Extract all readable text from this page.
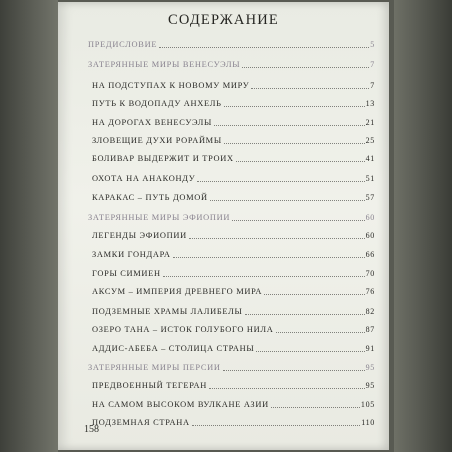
СОДЕРЖАНИЕ
ПРЕДИСЛОВИЕ	5
ЗАТЕРЯННЫЕ МИРЫ ВЕНЕСУЭЛЫ	7
НА ПОДСТУПАХ К НОВОМУ МИРУ	7
ПУТЬ К ВОДОПАДУ АНХЕЛЬ	13
НА ДОРОГАХ ВЕНЕСУЭЛЫ	21
ЗЛОВЕЩИЕ ДУХИ РОРАЙМЫ	25
БОЛИВАР ВЫДЕРЖИТ И ТРОИХ	41
ОХОТА НА АНАКОНДУ	51
КАРАКАС – ПУТЬ ДОМОЙ	57
ЗАТЕРЯННЫЕ МИРЫ ЭФИОПИИ	60
ЛЕГЕНДЫ ЭФИОПИИ	60
ЗАМКИ ГОНДАРА	66
ГОРЫ СИМИЕН	70
АКСУМ – ИМПЕРИЯ ДРЕВНЕГО МИРА	76
ПОДЗЕМНЫЕ ХРАМЫ ЛАЛИБЕЛЫ	82
ОЗЕРО ТАНА – ИСТОК ГОЛУБОГО НИЛА	87
АДДИС-АБЕБА – СТОЛИЦА СТРАНЫ	91
ЗАТЕРЯННЫЕ МИРЫ ПЕРСИИ	95
ПРЕДВОЕННЫЙ ТЕГЕРАН	95
НА САМОМ ВЫСОКОМ ВУЛКАНЕ АЗИИ	105
ПОДЗЕМНАЯ СТРАНА	110
158
